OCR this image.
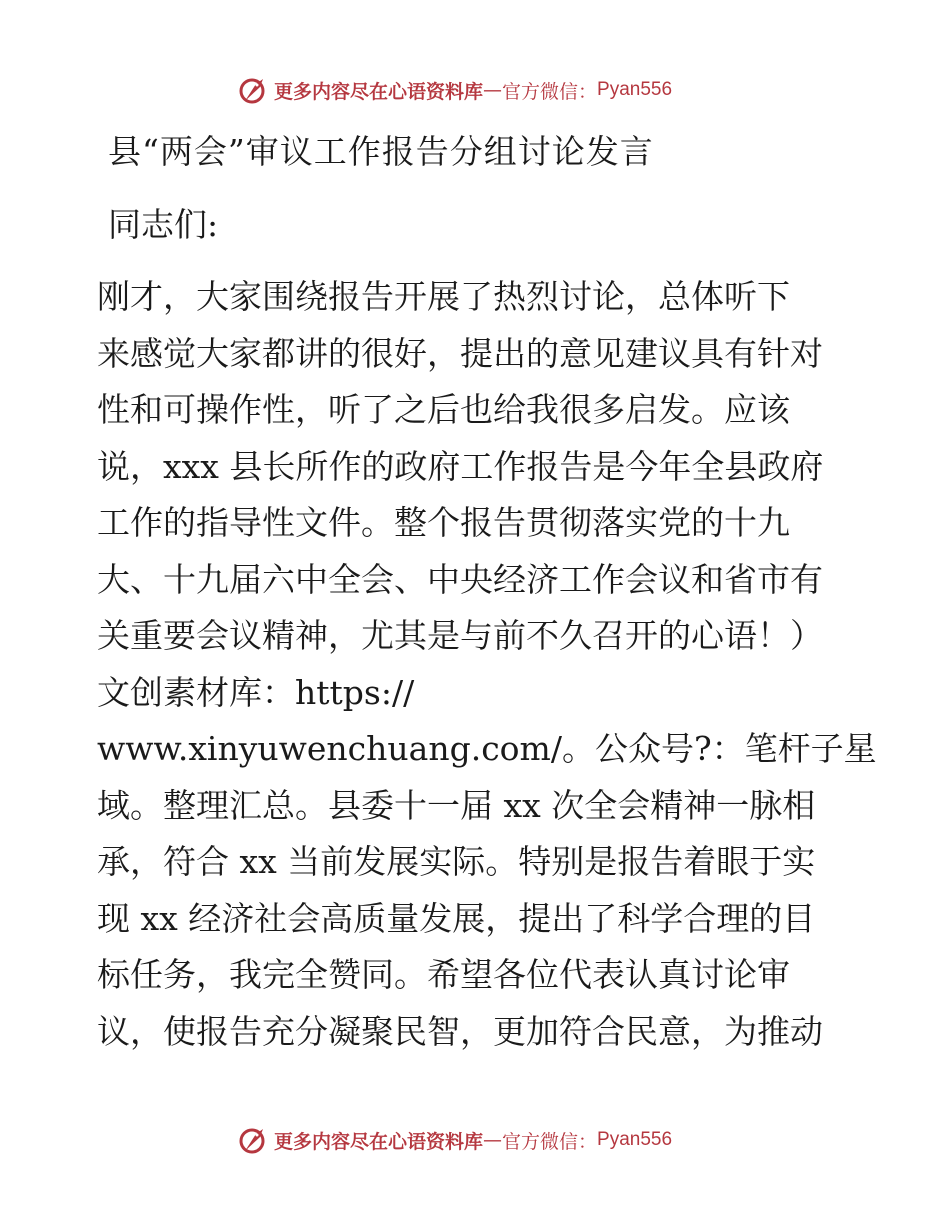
更多内容尽在心语资料库 — 官方微信： Pyan556
县“两会”审议工作报告分组讨论发言
同志们:
刚才，大家围绕报告开展了热烈讨论，总体听下
来感觉大家都讲的很好，提出的意见建议具有针对
性和可操作性，听了之后也给我很多启发。应该
说，xxx 县长所作的政府工作报告是今年全县政府
工作的指导性文件。整个报告贯彻落实党的十九
大、十九届六中全会、中央经济工作会议和省市有
关重要会议精神，尤其是与前不久召开的心语！）
文创素材库：https://
www.xinyuwenchuang.com/。公众号?：笔杆子星
域。整理汇总。县委十一届 xx 次全会精神一脉相
承，符合 xx 当前发展实际。特别是报告着眼于实
现 xx 经济社会高质量发展，提出了科学合理的目
标任务，我完全赞同。希望各位代表认真讨论审
议，使报告充分凝聚民智，更加符合民意，为推动
更多内容尽在心语资料库 — 官方微信： Pyan556
